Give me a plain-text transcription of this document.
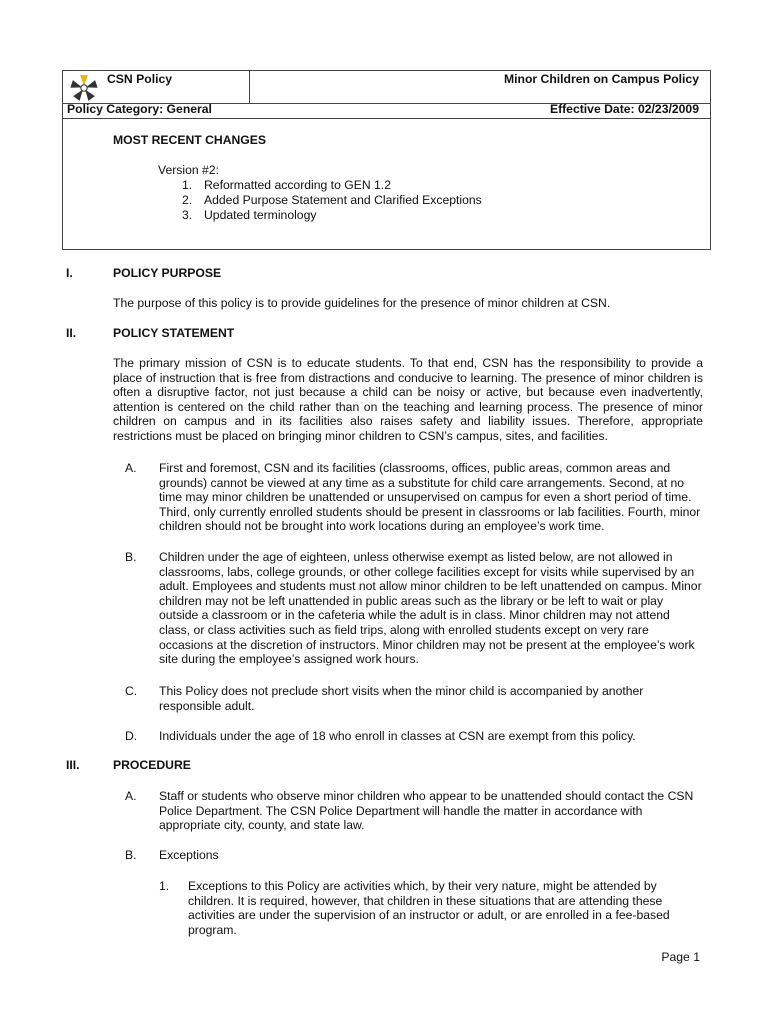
CSN Policy	Minor Children on Campus Policy
Policy Category: General	Effective Date: 02/23/2009
MOST RECENT CHANGES
Version #2:
1. Reformatted according to GEN 1.2
2. Added Purpose Statement and Clarified Exceptions
3. Updated terminology
I.	POLICY PURPOSE
The purpose of this policy is to provide guidelines for the presence of minor children at CSN.
II.	POLICY STATEMENT
The primary mission of CSN is to educate students. To that end, CSN has the responsibility to provide a place of instruction that is free from distractions and conducive to learning. The presence of minor children is often a disruptive factor, not just because a child can be noisy or active, but because even inadvertently, attention is centered on the child rather than on the teaching and learning process. The presence of minor children on campus and in its facilities also raises safety and liability issues. Therefore, appropriate restrictions must be placed on bringing minor children to CSN’s campus, sites, and facilities.
A. First and foremost, CSN and its facilities (classrooms, offices, public areas, common areas and grounds) cannot be viewed at any time as a substitute for child care arrangements. Second, at no time may minor children be unattended or unsupervised on campus for even a short period of time. Third, only currently enrolled students should be present in classrooms or lab facilities. Fourth, minor children should not be brought into work locations during an employee’s work time.
B. Children under the age of eighteen, unless otherwise exempt as listed below, are not allowed in classrooms, labs, college grounds, or other college facilities except for visits while supervised by an adult. Employees and students must not allow minor children to be left unattended on campus. Minor children may not be left unattended in public areas such as the library or be left to wait or play outside a classroom or in the cafeteria while the adult is in class. Minor children may not attend class, or class activities such as field trips, along with enrolled students except on very rare occasions at the discretion of instructors. Minor children may not be present at the employee’s work site during the employee’s assigned work hours.
C. This Policy does not preclude short visits when the minor child is accompanied by another responsible adult.
D. Individuals under the age of 18 who enroll in classes at CSN are exempt from this policy.
III.	PROCEDURE
A. Staff or students who observe minor children who appear to be unattended should contact the CSN Police Department. The CSN Police Department will handle the matter in accordance with appropriate city, county, and state law.
B. Exceptions
1. Exceptions to this Policy are activities which, by their very nature, might be attended by children. It is required, however, that children in these situations that are attending these activities are under the supervision of an instructor or adult, or are enrolled in a fee-based program.
Page 1
